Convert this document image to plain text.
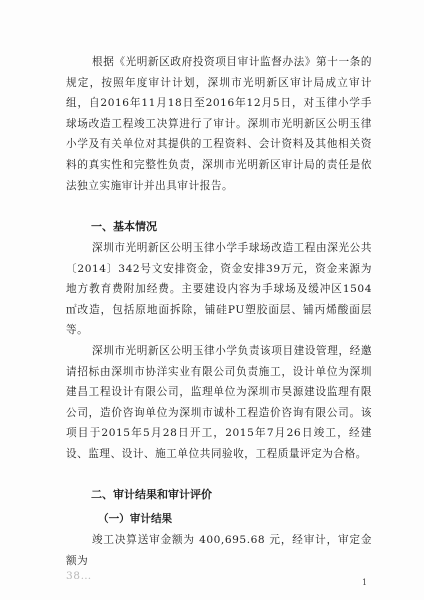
根据《光明新区政府投资项目审计监督办法》第十一条的规定，按照年度审计计划，深圳市光明新区审计局成立审计组，自2016年11月18日至2016年12月5日，对玉律小学手球场改造工程竣工决算进行了审计。深圳市光明新区公明玉律小学及有关单位对其提供的工程资料、会计资料及其他相关资料的真实性和完整性负责，深圳市光明新区审计局的责任是依法独立实施审计并出具审计报告。

一、基本情况

深圳市光明新区公明玉律小学手球场改造工程由深光公共〔2014〕342号文安排资金，资金安排39万元，资金来源为地方教育费附加经费。主要建设内容为手球场及缓冲区1504㎡改造，包括原地面拆除，铺硅PU塑胶面层、铺丙烯酸面层等。

深圳市光明新区公明玉律小学负责该项目建设管理，经邀请招标由深圳市协洋实业有限公司负责施工，设计单位为深圳建昌工程设计有限公司，监理单位为深圳市昊源建设监理有限公司，造价咨询单位为深圳市诚朴工程造价咨询有限公司。该项目于2015年5月28日开工，2015年7月26日竣工，经建设、监理、设计、施工单位共同验收，工程质量评定为合格。

二、审计结果和审计评价

（一）审计结果

竣工决算送审金额为 400,695.68 元，经审计，审定金额为

38…

1
